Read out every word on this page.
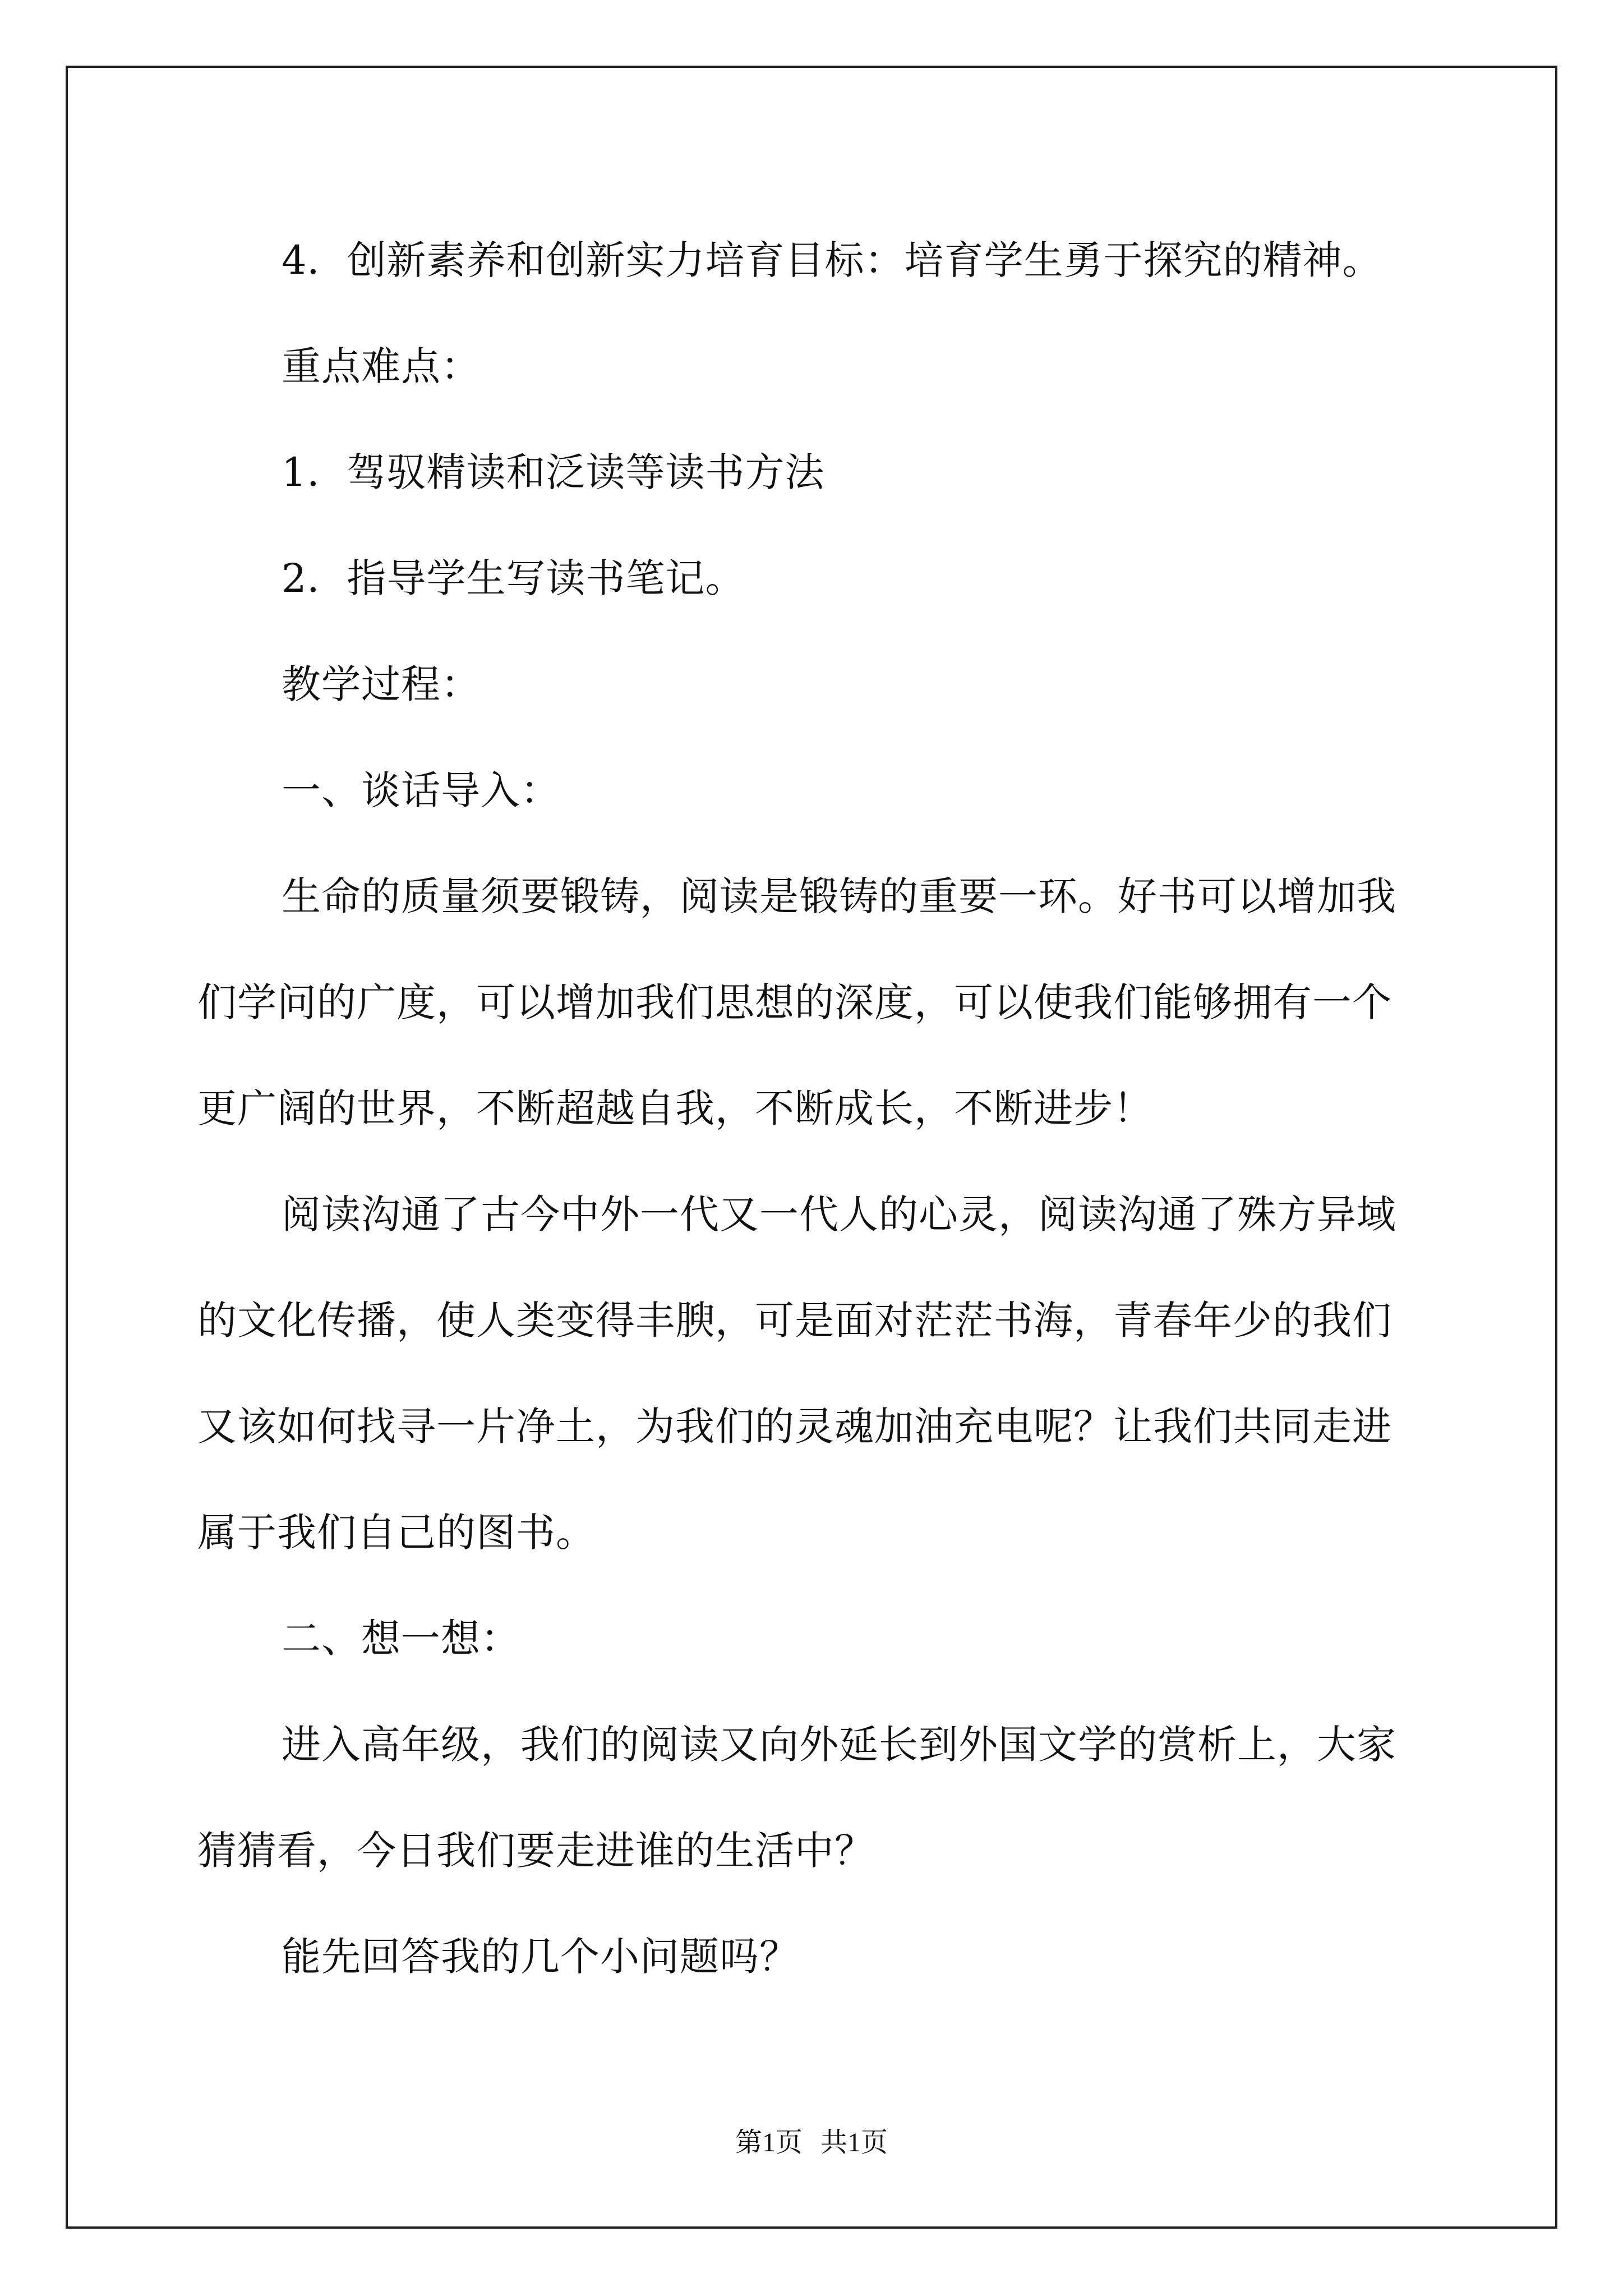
4．创新素养和创新实力培育目标：培育学生勇于探究的精神。

重点难点：

1．驾驭精读和泛读等读书方法

2．指导学生写读书笔记。

教学过程：

一、谈话导入：

生命的质量须要锻铸，阅读是锻铸的重要一环。好书可以增加我

们学问的广度，可以增加我们思想的深度，可以使我们能够拥有一个

更广阔的世界，不断超越自我，不断成长，不断进步！

阅读沟通了古今中外一代又一代人的心灵，阅读沟通了殊方异域

的文化传播，使人类变得丰腴，可是面对茫茫书海，青春年少的我们

又该如何找寻一片净土，为我们的灵魂加油充电呢？让我们共同走进

属于我们自己的图书。

二、想一想：

进入高年级，我们的阅读又向外延长到外国文学的赏析上，大家

猜猜看，今日我们要走进谁的生活中？

能先回答我的几个小问题吗？

第1页 共1页
